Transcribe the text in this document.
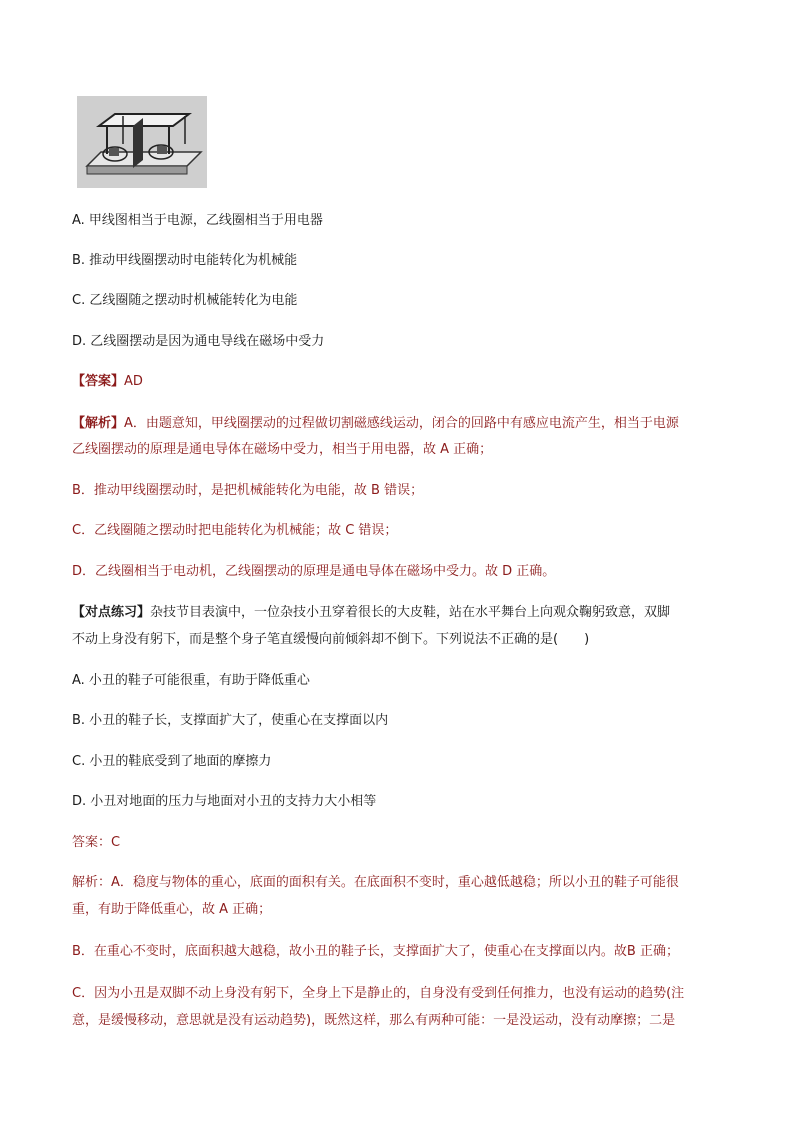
A. 甲线图相当于电源，乙线圈相当于用电器
B. 推动甲线圈摆动时电能转化为机械能
C. 乙线圈随之摆动时机械能转化为电能
D. 乙线圈摆动是因为通电导线在磁场中受力
【答案】AD
【解析】A．由题意知，甲线圈摆动的过程做切割磁感线运动，闭合的回路中有感应电流产生，相当于电源
乙线圈摆动的原理是通电导体在磁场中受力，相当于用电器，故 A 正确；
B．推动甲线圈摆动时，是把机械能转化为电能，故 B 错误；
C．乙线圈随之摆动时把电能转化为机械能；故 C 错误；
D．乙线圈相当于电动机，乙线圈摆动的原理是通电导体在磁场中受力。故 D 正确。
【对点练习】杂技节目表演中，一位杂技小丑穿着很长的大皮鞋，站在水平舞台上向观众鞠躬致意，双脚
不动上身没有躬下，而是整个身子笔直缓慢向前倾斜却不倒下。下列说法不正确的是(　　)
A. 小丑的鞋子可能很重，有助于降低重心
B. 小丑的鞋子长，支撑面扩大了，使重心在支撑面以内
C. 小丑的鞋底受到了地面的摩擦力
D. 小丑对地面的压力与地面对小丑的支持力大小相等
答案：C
解析：A．稳度与物体的重心，底面的面积有关。在底面积不变时，重心越低越稳；所以小丑的鞋子可能很
重，有助于降低重心，故 A 正确；
B．在重心不变时，底面积越大越稳，故小丑的鞋子长，支撑面扩大了，使重心在支撑面以内。故B 正确；
C．因为小丑是双脚不动上身没有躬下，全身上下是静止的，自身没有受到任何推力，也没有运动的趋势(注
意，是缓慢移动，意思就是没有运动趋势)，既然这样，那么有两种可能：一是没运动，没有动摩擦；二是
